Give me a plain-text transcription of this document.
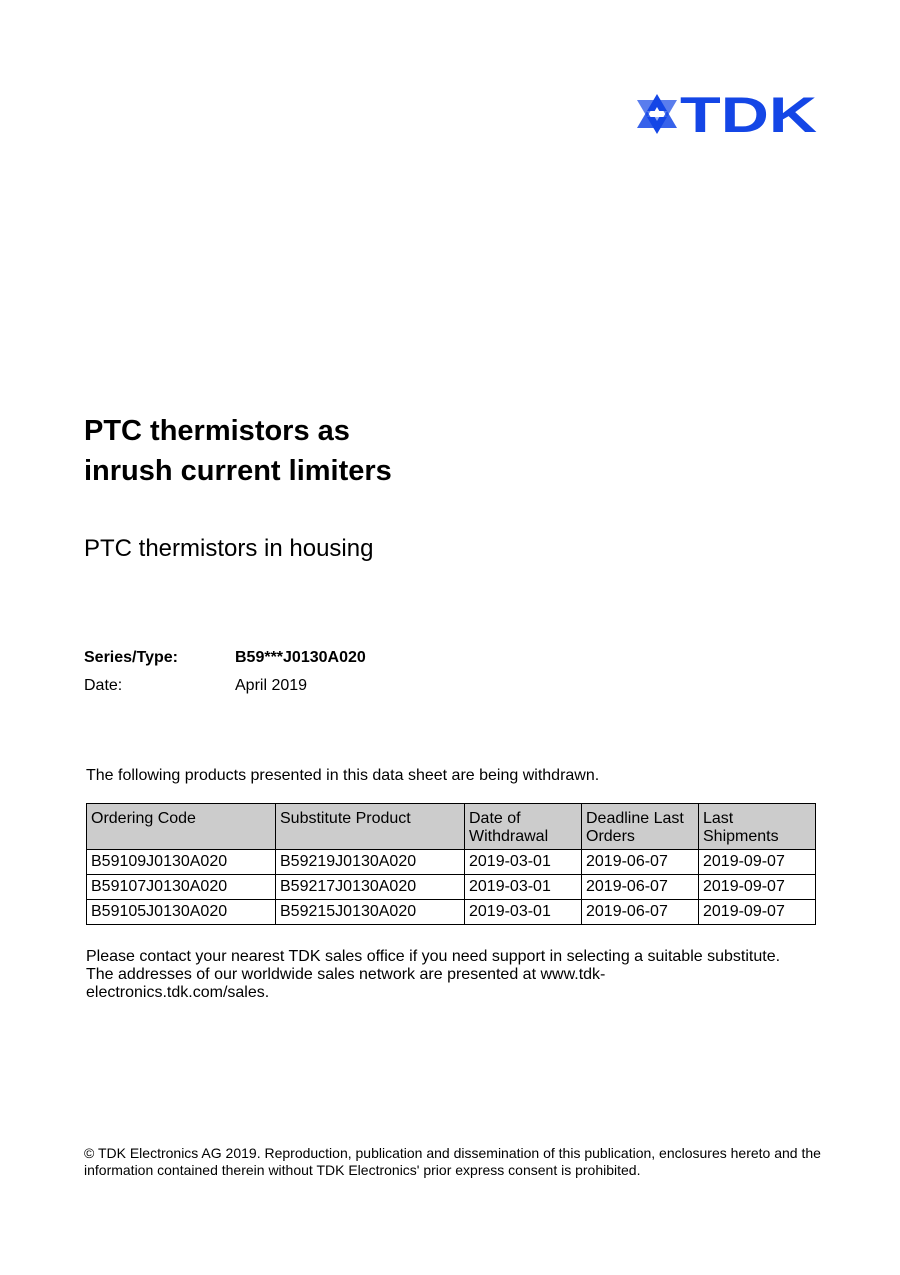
TDK
PTC thermistors as
inrush current limiters
PTC thermistors in housing
Series/Type:	B59***J0130A020
Date:	April 2019

The following products presented in this data sheet are being withdrawn.

Ordering Code	Substitute Product	Date of Withdrawal	Deadline Last Orders	Last Shipments
B59109J0130A020	B59219J0130A020	2019-03-01	2019-06-07	2019-09-07
B59107J0130A020	B59217J0130A020	2019-03-01	2019-06-07	2019-09-07
B59105J0130A020	B59215J0130A020	2019-03-01	2019-06-07	2019-09-07

Please contact your nearest TDK sales office if you need support in selecting a suitable substitute. The addresses of our worldwide sales network are presented at www.tdk-electronics.tdk.com/sales.

© TDK Electronics AG 2019. Reproduction, publication and dissemination of this publication, enclosures hereto and the information contained therein without TDK Electronics' prior express consent is prohibited.
